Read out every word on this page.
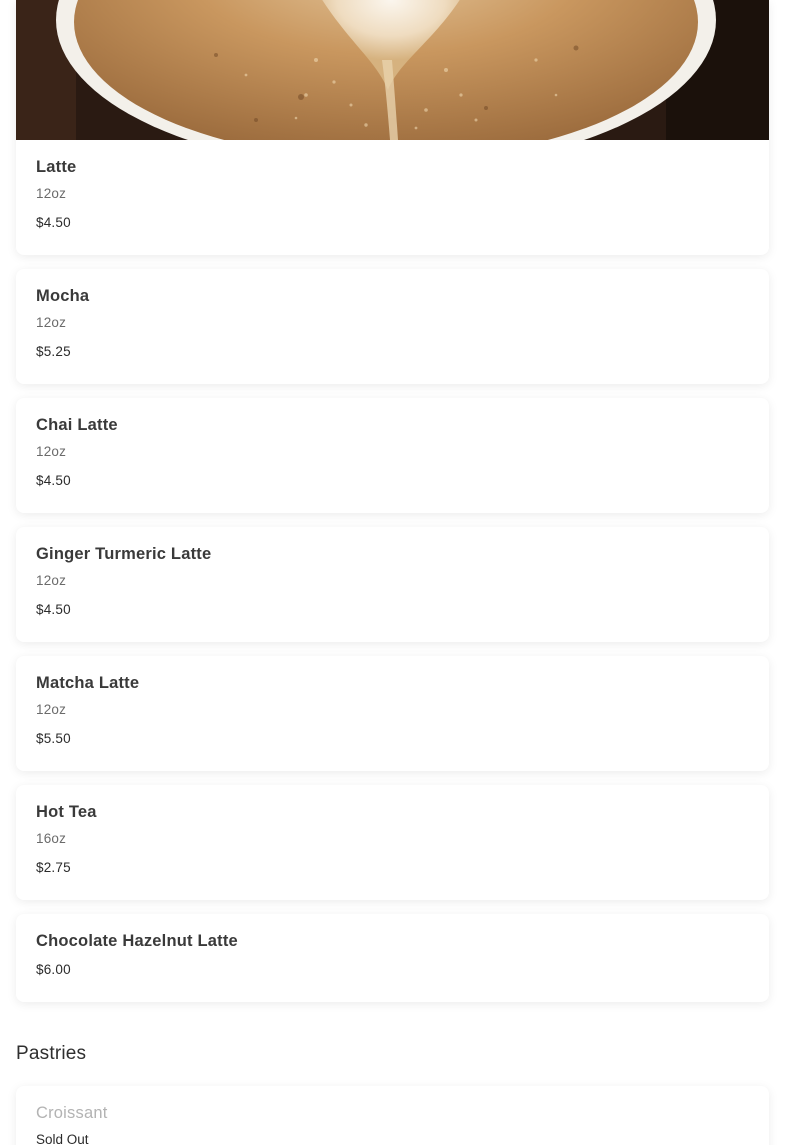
Latte
12oz
$4.50
Mocha
12oz
$5.25
Chai Latte
12oz
$4.50
Ginger Turmeric Latte
12oz
$4.50
Matcha Latte
12oz
$5.50
Hot Tea
16oz
$2.75
Chocolate Hazelnut Latte
$6.00
Pastries
Croissant
Sold Out
